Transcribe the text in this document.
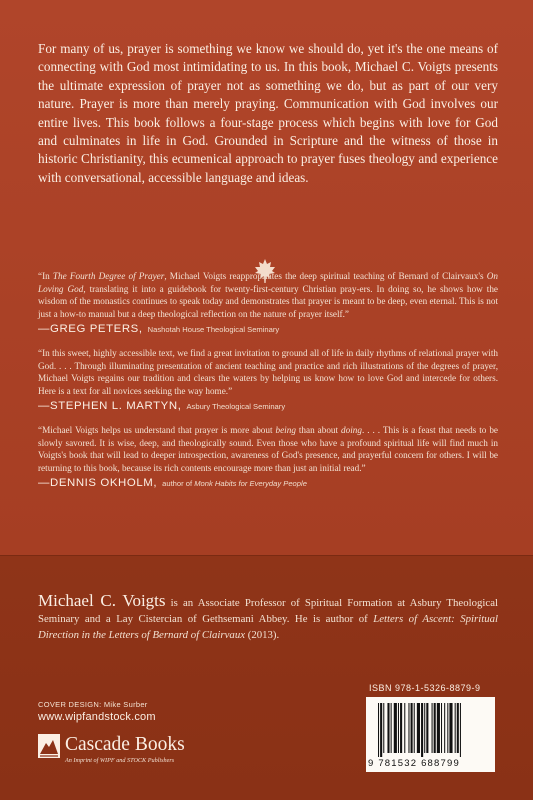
For many of us, prayer is something we know we should do, yet it's the one means of connecting with God most intimidating to us. In this book, Michael C. Voigts presents the ultimate expression of prayer not as something we do, but as part of our very nature. Prayer is more than merely praying. Communication with God involves our entire lives. This book follows a four-stage process which begins with love for God and culminates in life in God. Grounded in Scripture and the witness of those in historic Christianity, this ecumenical approach to prayer fuses theology and experience with conversational, accessible language and ideas.

“In The Fourth Degree of Prayer, Michael Voigts reappropriates the deep spiritual teaching of Bernard of Clairvaux's On Loving God, translating it into a guidebook for twenty-first-century Christian pray-ers. In doing so, he shows how the wisdom of the monastics continues to speak today and demonstrates that prayer is meant to be deep, even eternal. This is not just a how-to manual but a deep theological reflection on the nature of prayer itself.”

—GREG PETERS, Nashotah House Theological Seminary

“In this sweet, highly accessible text, we find a great invitation to ground all of life in daily rhythms of relational prayer with God. . . . Through illuminating presentation of ancient teaching and practice and rich illustrations of the degrees of prayer, Michael Voigts regains our tradition and clears the waters by helping us know how to love God and intercede for others. Here is a text for all novices seeking the way home.”

—STEPHEN L. MARTYN, Asbury Theological Seminary

“Michael Voigts helps us understand that prayer is more about being than about doing. . . . This is a feast that needs to be slowly savored. It is wise, deep, and theologically sound. Even those who have a profound spiritual life will find much in Voigts's book that will lead to deeper introspection, awareness of God's presence, and prayerful concern for others. I will be returning to this book, because its rich contents encourage more than just an initial read.”

—DENNIS OKHOLM, author of Monk Habits for Everyday People
Michael C. Voigts is an Associate Professor of Spiritual Formation at Asbury Theological Seminary and a Lay Cistercian of Gethsemani Abbey. He is author of Letters of Ascent: Spiritual Direction in the Letters of Bernard of Clairvaux (2013).
COVER DESIGN: Mike Surber
www.wipfandstock.com
Cascade Books
An Imprint of WIPF and STOCK Publishers
ISBN 978-1-5326-8879-9
9 781532 688799
